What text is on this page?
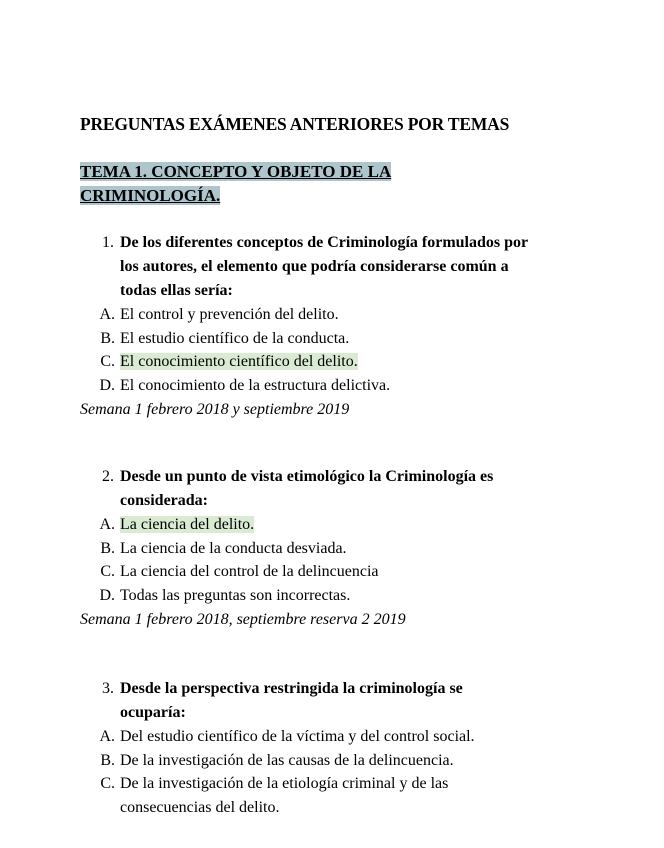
PREGUNTAS EXÁMENES ANTERIORES POR TEMAS
TEMA 1. CONCEPTO Y OBJETO DE LA CRIMINOLOGÍA.
1. De los diferentes conceptos de Criminología formulados por los autores, el elemento que podría considerarse común a todas ellas sería:
A. El control y prevención del delito.
B. El estudio científico de la conducta.
C. El conocimiento científico del delito.
D. El conocimiento de la estructura delictiva.
Semana 1 febrero 2018 y septiembre 2019
2. Desde un punto de vista etimológico la Criminología es considerada:
A. La ciencia del delito.
B. La ciencia de la conducta desviada.
C. La ciencia del control de la delincuencia
D. Todas las preguntas son incorrectas.
Semana 1 febrero 2018, septiembre reserva 2 2019
3. Desde la perspectiva restringida la criminología se ocuparía:
A. Del estudio científico de la víctima y del control social.
B. De la investigación de las causas de la delincuencia.
C. De la investigación de la etiología criminal y de las consecuencias del delito.
